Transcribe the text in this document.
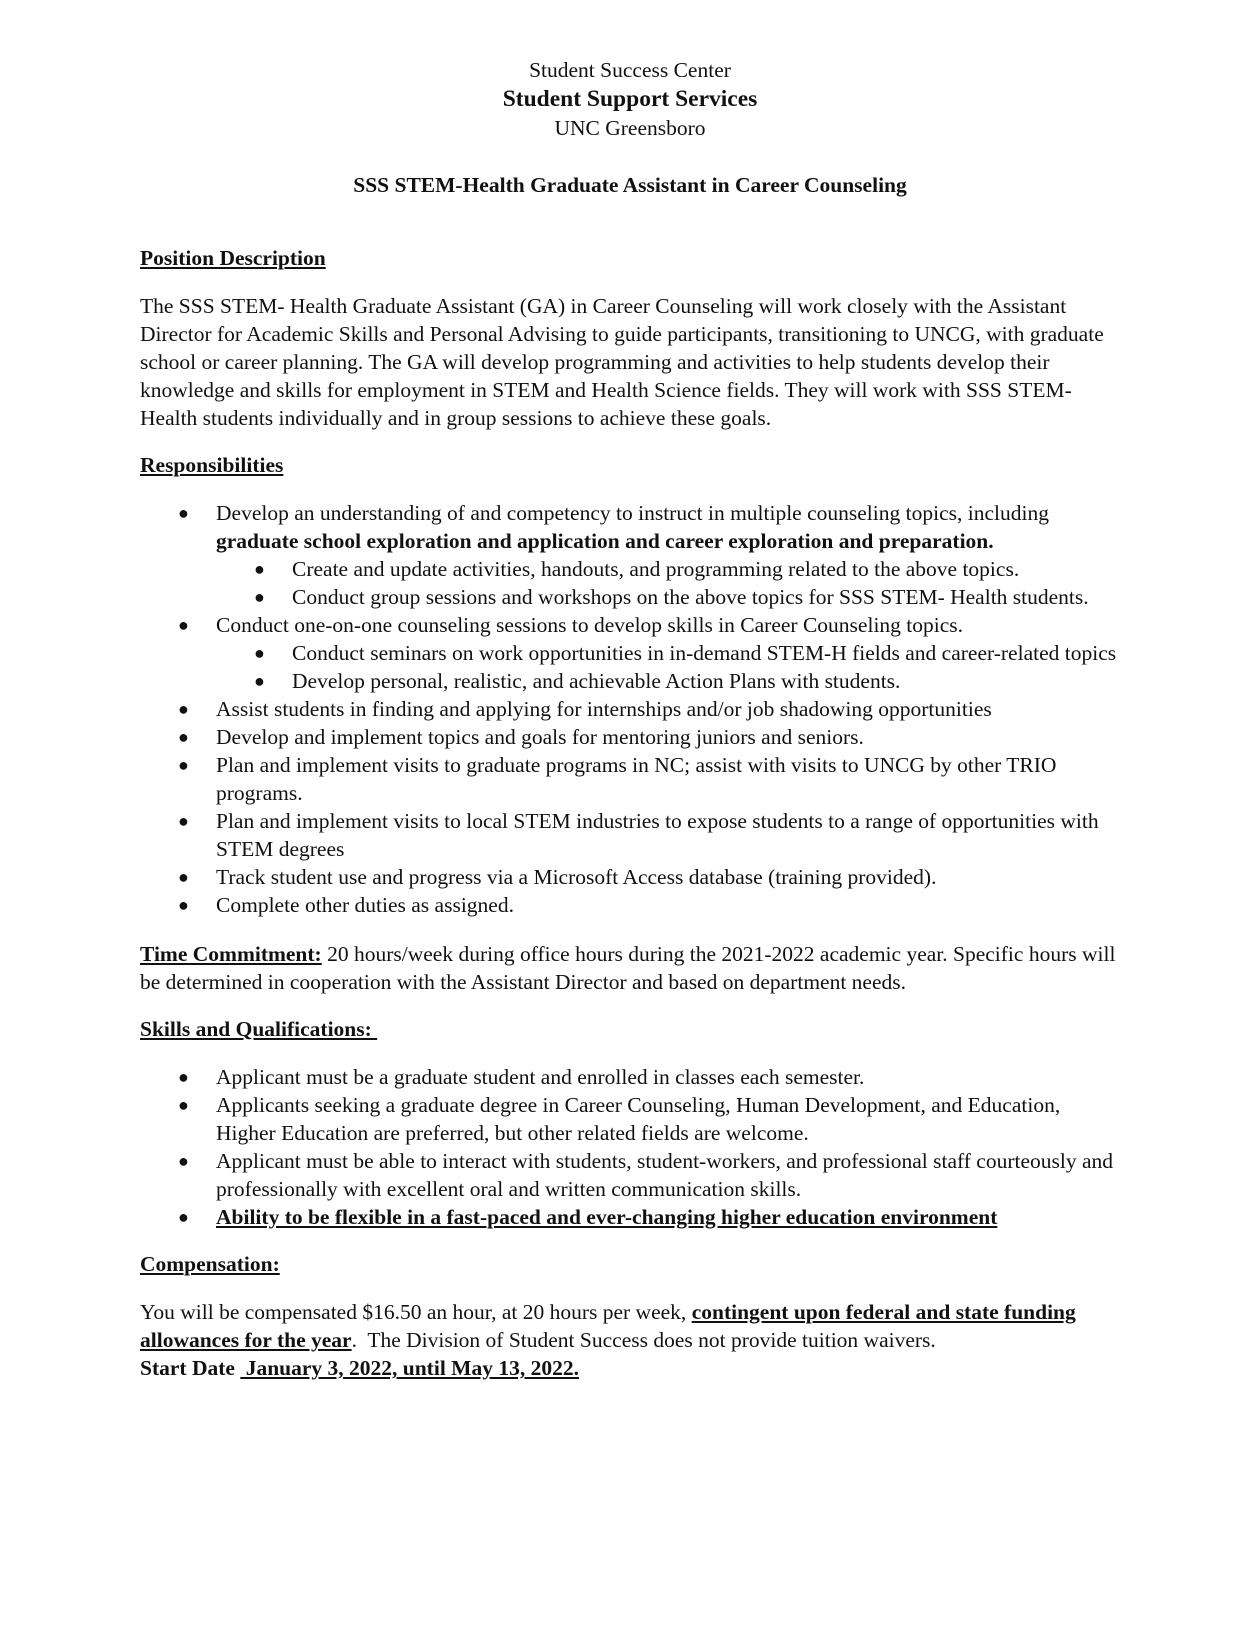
Student Success Center
Student Support Services
UNC Greensboro
SSS STEM-Health Graduate Assistant in Career Counseling
Position Description

The SSS STEM- Health Graduate Assistant (GA) in Career Counseling will work closely with the Assistant Director for Academic Skills and Personal Advising to guide participants, transitioning to UNCG, with graduate school or career planning. The GA will develop programming and activities to help students develop their knowledge and skills for employment in STEM and Health Science fields. They will work with SSS STEM- Health students individually and in group sessions to achieve these goals.

Responsibilities
● Develop an understanding of and competency to instruct in multiple counseling topics, including graduate school exploration and application and career exploration and preparation.
● Create and update activities, handouts, and programming related to the above topics.
● Conduct group sessions and workshops on the above topics for SSS STEM- Health students.
● Conduct one-on-one counseling sessions to develop skills in Career Counseling topics.
● Conduct seminars on work opportunities in in-demand STEM-H fields and career-related topics
● Develop personal, realistic, and achievable Action Plans with students.
● Assist students in finding and applying for internships and/or job shadowing opportunities
● Develop and implement topics and goals for mentoring juniors and seniors.
● Plan and implement visits to graduate programs in NC; assist with visits to UNCG by other TRIO programs.
● Plan and implement visits to local STEM industries to expose students to a range of opportunities with STEM degrees
● Track student use and progress via a Microsoft Access database (training provided).
● Complete other duties as assigned.

Time Commitment: 20 hours/week during office hours during the 2021-2022 academic year. Specific hours will be determined in cooperation with the Assistant Director and based on department needs.

Skills and Qualifications:
● Applicant must be a graduate student and enrolled in classes each semester.
● Applicants seeking a graduate degree in Career Counseling, Human Development, and Education, Higher Education are preferred, but other related fields are welcome.
● Applicant must be able to interact with students, student-workers, and professional staff courteously and professionally with excellent oral and written communication skills.
● Ability to be flexible in a fast-paced and ever-changing higher education environment
Compensation:

You will be compensated $16.50 an hour, at 20 hours per week, contingent upon federal and state funding allowances for the year.  The Division of Student Success does not provide tuition waivers.
Start Date  January 3, 2022, until May 13, 2022.
